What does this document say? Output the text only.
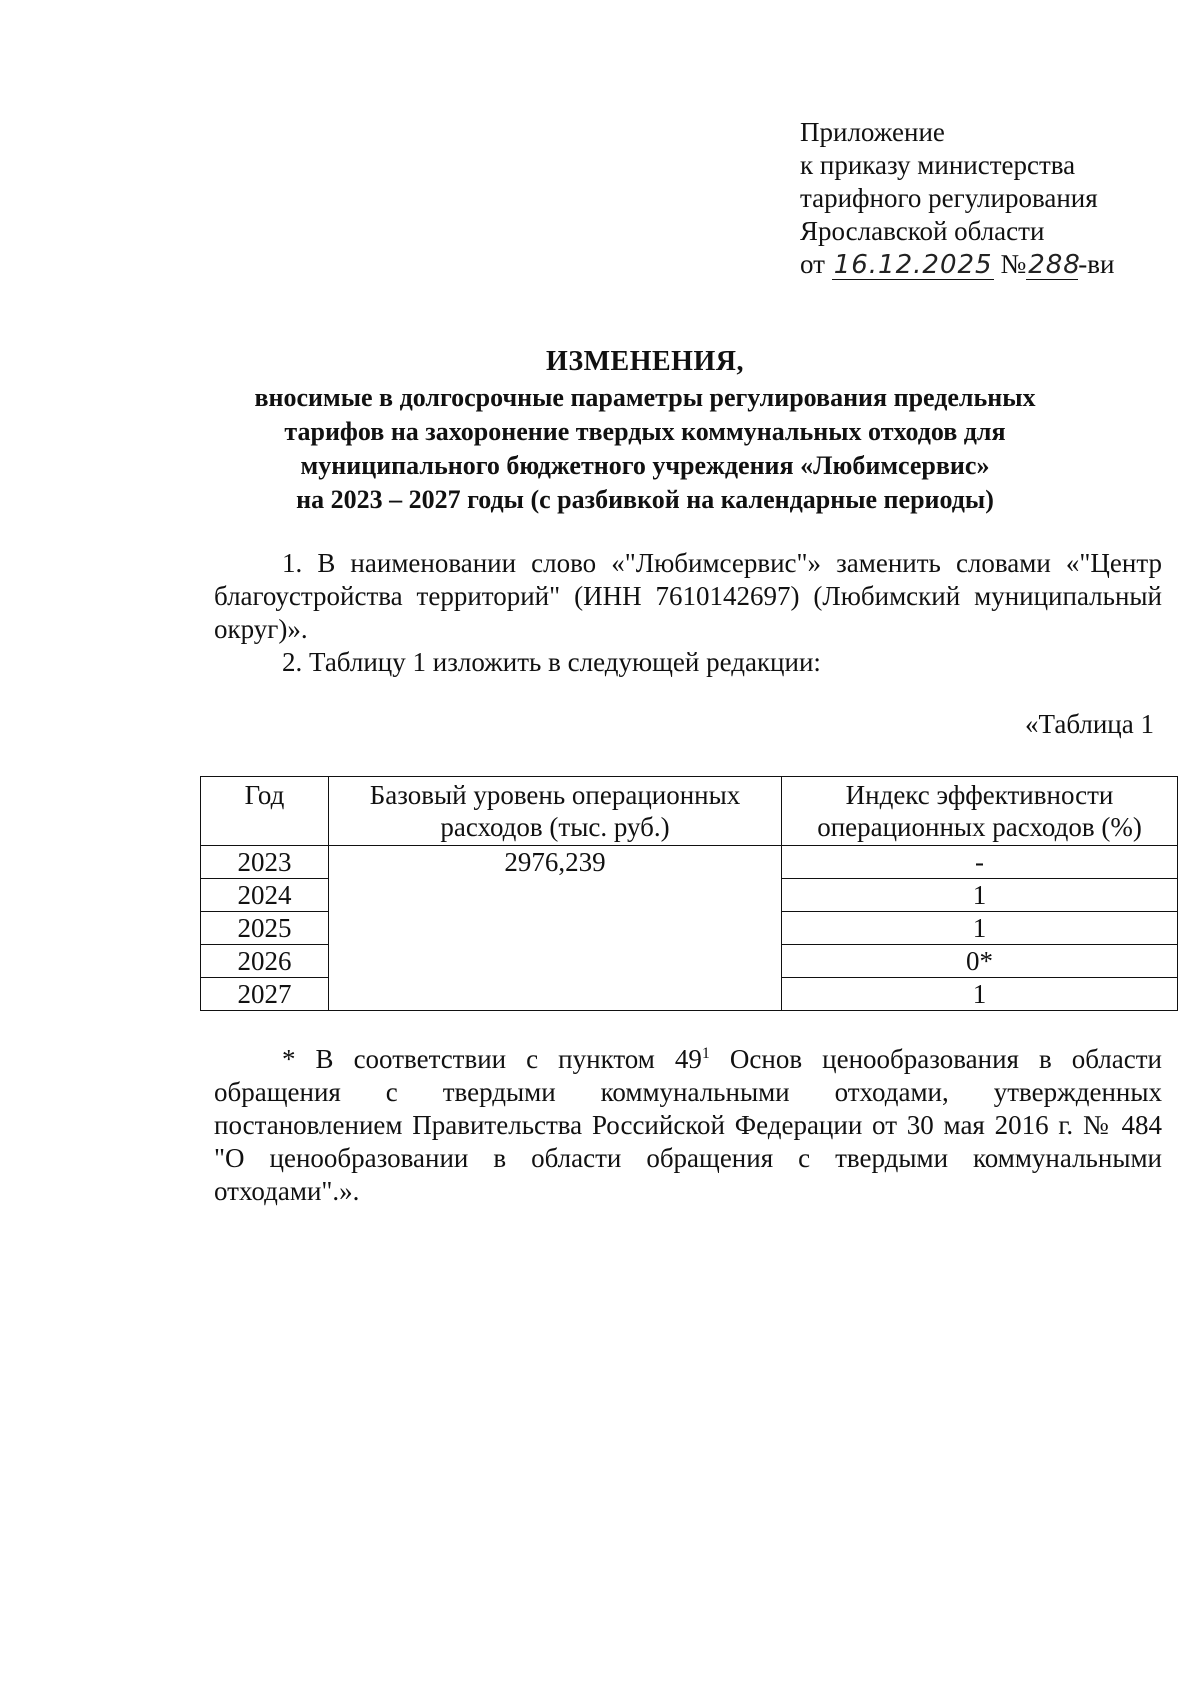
Приложение
к приказу министерства
тарифного регулирования
Ярославской области
от 16.12.2025 №288-ви
ИЗМЕНЕНИЯ,
вносимые в долгосрочные параметры регулирования предельных
тарифов на захоронение твердых коммунальных отходов для
муниципального бюджетного учреждения «Любимсервис»
на 2023 – 2027 годы (с разбивкой на календарные периоды)

1. В наименовании слово «"Любимсервис"» заменить словами «"Центр благоустройства территорий" (ИНН 7610142697) (Любимский муниципальный округ)».

2. Таблицу 1 изложить в следующей редакции:

«Таблица 1
Год	Базовый уровень операционных расходов (тыс. руб.)	Индекс эффективности операционных расходов (%)
2023	2976,239	-
2024		1
2025		1
2026		0*
2027		1

* В соответствии с пунктом $49^1$ Основ ценообразования в области обращения с твердыми коммунальными отходами, утвержденных постановлением Правительства Российской Федерации от 30 мая 2016 г. № 484 "О ценообразовании в области обращения с твердыми коммунальными отходами".».
